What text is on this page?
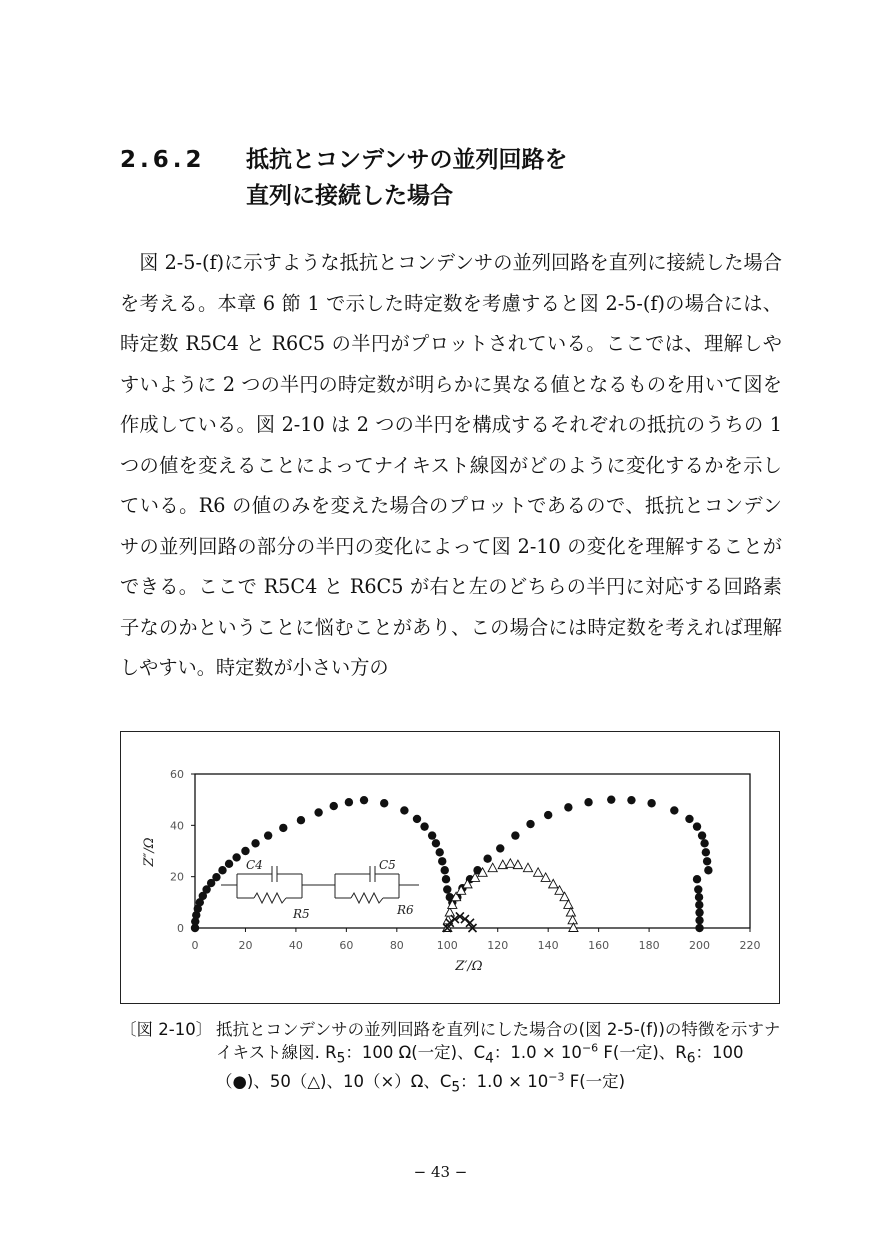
2.6.2 抵抗とコンデンサの並列回路を
直列に接続した場合

図 2-5-(f)に示すような抵抗とコンデンサの並列回路を直列に接続した場合を考える。本章 6 節 1 で示した時定数を考慮すると図 2-5-(f)の場合には、時定数 R5C4 と R6C5 の半円がプロットされている。ここでは、理解しやすいように 2 つの半円の時定数が明らかに異なる値となるものを用いて図を作成している。図 2-10 は 2 つの半円を構成するそれぞれの抵抗のうちの 1 つの値を変えることによってナイキスト線図がどのように変化するかを示している。R6 の値のみを変えた場合のプロットであるので、抵抗とコンデンサの並列回路の部分の半円の変化によって図 2-10 の変化を理解することができる。ここで R5C4 と R6C5 が右と左のどちらの半円に対応する回路素子なのかということに悩むことがあり、この場合には時定数を考えれば理解しやすい。時定数が小さい方の

0	20	40	60	80	100	120	140	160	180	200	220
0
20
40
60
Z′/Ω
Z″/Ω	C4	C5
R5	R6
〔図 2-10〕 抵抗とコンデンサの並列回路を直列にした場合の(図 2-5-(f))の特徴を示すナイキスト線図. $R_5$：100 Ω(一定)、$C_4$：$1.0 \times 10^{-6}$ F(一定)、$R_6$：100（●)、50（△)、10（×）Ω、$C_5$：$1.0 \times 10^{-3}$ F(一定)
− 43 −
